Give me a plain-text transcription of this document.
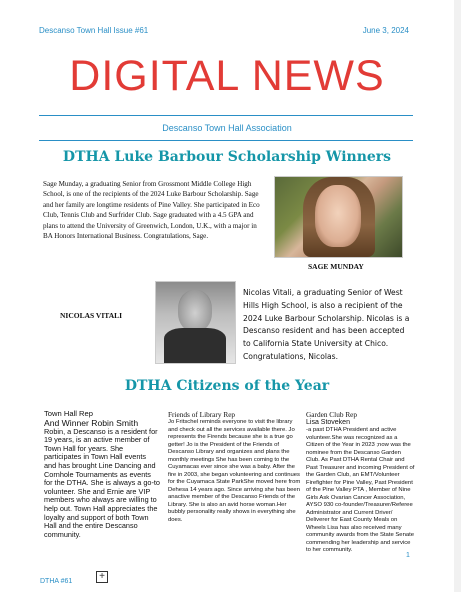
Descanso Town Hall Issue #61	June 3, 2024
DIGITAL NEWS
Descanso Town Hall Association
DTHA Luke Barbour Scholarship Winners
Sage Munday, a graduating Senior from Grossmont Middle College High School, is one of the recipients of the 2024 Luke Barbour Scholarship. Sage and her family are longtime residents of Pine Valley. She participated in Eco Club, Tennis Club and Surfrider Club. Sage graduated with a 4.5 GPA and plans to attend the University of Greenwich, London, U.K., with a major in BA Honors International Business. Congratulations, Sage.
SAGE MUNDAY
NICOLAS VITALI
Nicolas Vitali, a graduating Senior of West Hills High School, is also a recipient of the 2024 Luke Barbour Scholarship. Nicolas is a Descanso resident and has been accepted to California State University at Chico. Congratulations, Nicolas.
DTHA Citizens of the Year
Town Hall Rep
And Winner Robin Smith
Robin, a Descanso is a resident for 19 years, is an active member of Town Hall for years. She participates in Town Hall events and has brought Line Dancing and Cornhole Tournaments as events for the DTHA. She is always a go-to volunteer. She and Ernie are VIP members who always are willing to help out. Town Hall appreciates the loyalty and support of both Town Hall and the entire Descanso community.
Friends of Library Rep
Jo Fritschel reminds everyone to visit the library and check out all the services available there. Jo represents the Firends because she is a true go getter! Jo is the President of the Friends of Descanso Library and organizes and plans the monthly meetings She has been coming to the Cuyamacas ever since she was a baby. After the fire in 2003, she began volunteering and continues for the Cuyamaca State ParkShe moved here from Dehesa 14 years ago. Since arriving she has been anactive member of the Descanso Friends of the Library. She is also an avid horse woman.Her bubbly personality really shows in everything she does.
Garden Club Rep
Lisa Stoveken
-a past DTHA President and active volunteer.She was recognized as a Citizen of the Year in 2023 ;now was the nominee from the Descanso Garden Club. As Past DTHA Rental Chair and Past Treasurer and incoming President of the Garden Club, an EMT/Volunteer Firefighter for Pine Valley, Past President of the Pine Valley PTA , Member of Nine Girls Ask Ovarian Cancer Association, AYSO 930 co-founder/Treasurer/Referee Administrator and Current Driver/ Deliverer for East County Meals on Wheels Lisa has also received many community awards from the State Senate commending her leadership and service to her community.
+
DTHA #61
1
